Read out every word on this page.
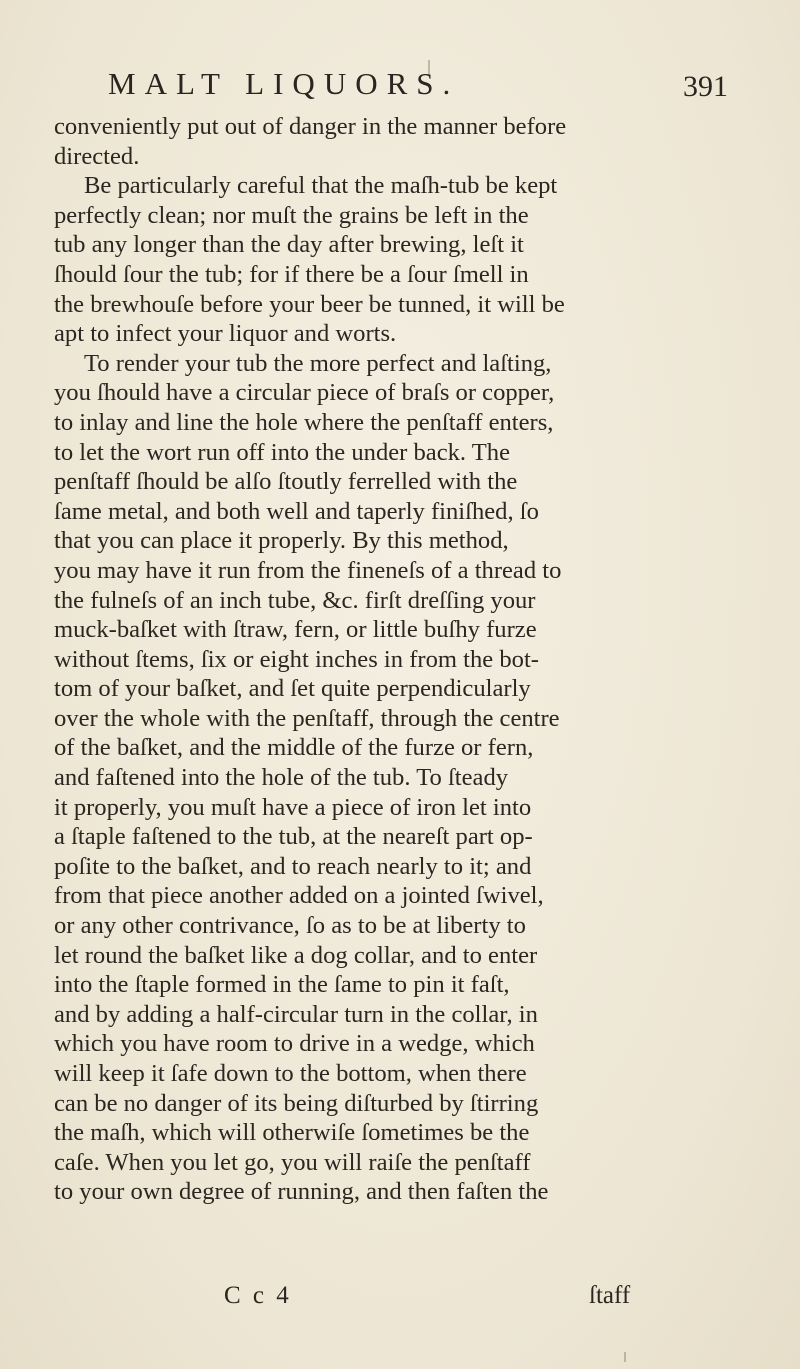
MALT LIQUORS.	391
conveniently put out of danger in the manner before
directed.
Be particularly careful that the maſh-tub be kept
perfectly clean; nor muſt the grains be left in the
tub any longer than the day after brewing, leſt it
ſhould ſour the tub; for if there be a ſour ſmell in
the brewhouſe before your beer be tunned, it will be
apt to infect your liquor and worts.
To render your tub the more perfect and laſting,
you ſhould have a circular piece of braſs or copper,
to inlay and line the hole where the penſtaff enters,
to let the wort run off into the under back. The
penſtaff ſhould be alſo ſtoutly ferrelled with the
ſame metal, and both well and taperly finiſhed, ſo
that you can place it properly. By this method,
you may have it run from the fineneſs of a thread to
the fulneſs of an inch tube, &c. firſt dreſſing your
muck-baſket with ſtraw, fern, or little buſhy furze
without ſtems, ſix or eight inches in from the bot-
tom of your baſket, and ſet quite perpendicularly
over the whole with the penſtaff, through the centre
of the baſket, and the middle of the furze or fern,
and faſtened into the hole of the tub. To ſteady
it properly, you muſt have a piece of iron let into
a ſtaple faſtened to the tub, at the neareſt part op-
poſite to the baſket, and to reach nearly to it; and
from that piece another added on a jointed ſwivel,
or any other contrivance, ſo as to be at liberty to
let round the baſket like a dog collar, and to enter
into the ſtaple formed in the ſame to pin it faſt,
and by adding a half-circular turn in the collar, in
which you have room to drive in a wedge, which
will keep it ſafe down to the bottom, when there
can be no danger of its being diſturbed by ſtirring
the maſh, which will otherwiſe ſometimes be the
caſe. When you let go, you will raiſe the penſtaff
to your own degree of running, and then faſten the
C c 4	ſtaff
